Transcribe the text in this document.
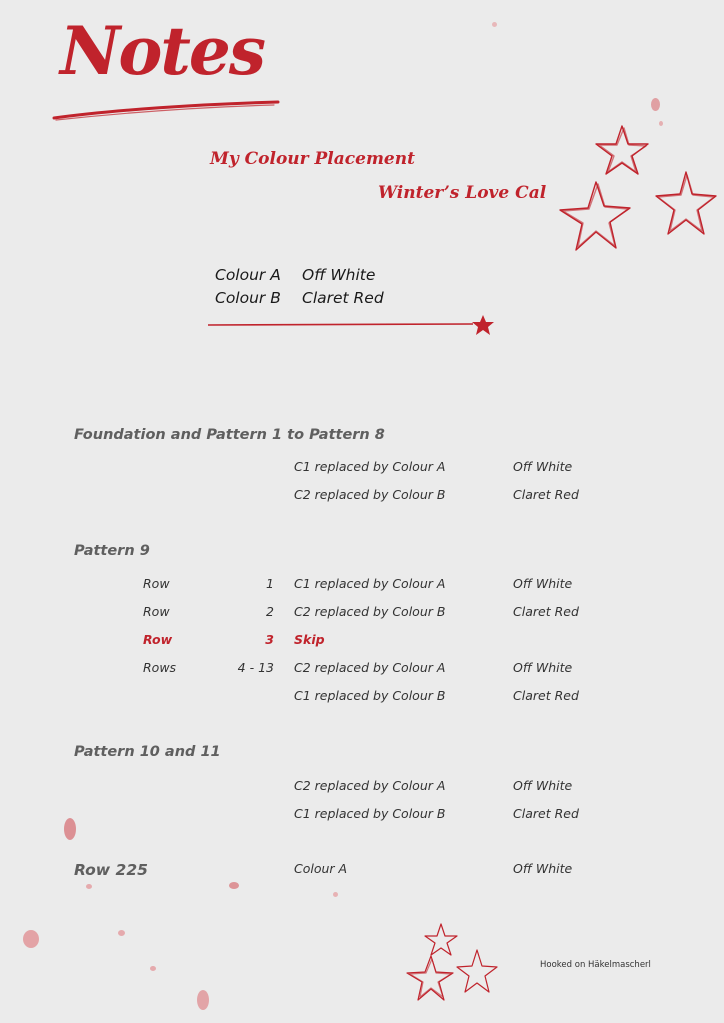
Notes
My Colour Placement
Winter’s Love Cal
Colour A Off White
Colour B Claret Red
Foundation and Pattern 1 to Pattern 8
C1 replaced by Colour A	Off White
C2 replaced by Colour B	Claret Red
Pattern 9
Row	1 C1 replaced by Colour A	Off White
Row	2 C2 replaced by Colour B	Claret Red
Row	3 Skip
Rows	4 - 13 C2 replaced by Colour A	Off White
C1 replaced by Colour B	Claret Red
Pattern 10 and 11
C2 replaced by Colour A	Off White
C1 replaced by Colour B	Claret Red
Row 225	Colour A	Off White
Hooked on Häkelmascherl
